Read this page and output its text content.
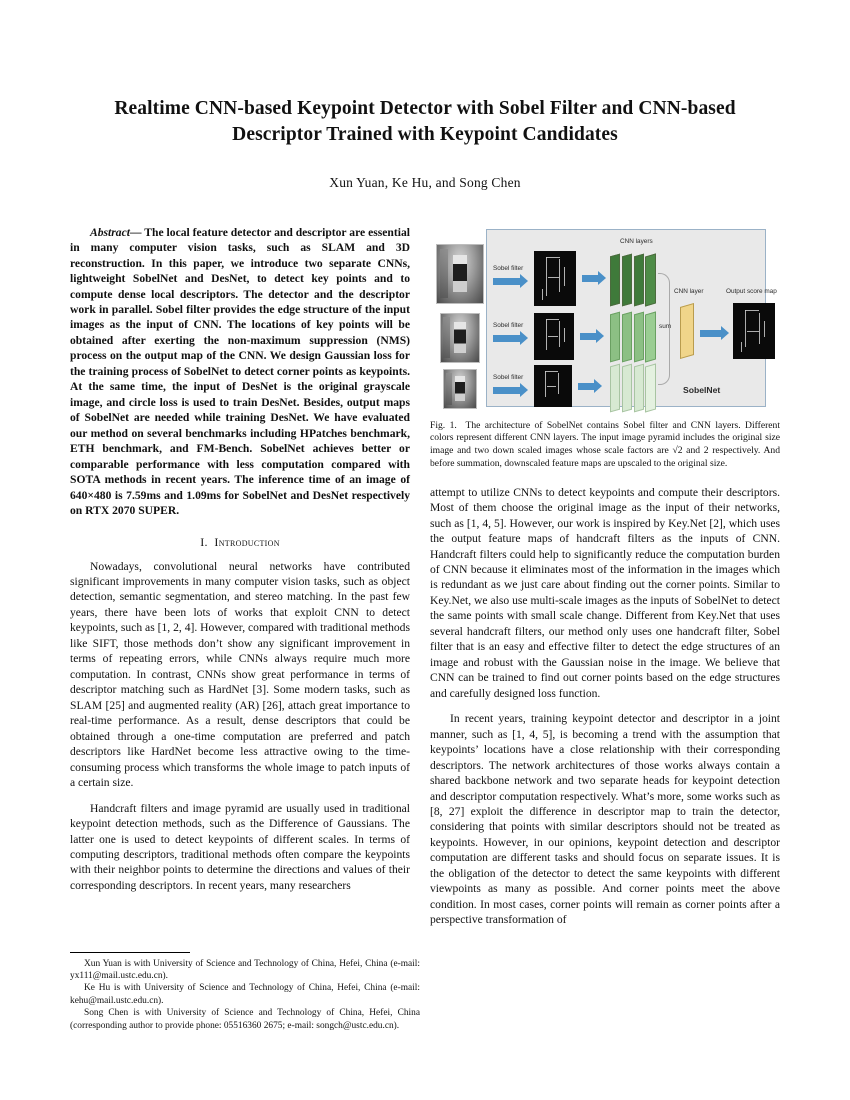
Realtime CNN-based Keypoint Detector with Sobel Filter and CNN-based Descriptor Trained with Keypoint Candidates
Xun Yuan, Ke Hu, and Song Chen

Abstract— The local feature detector and descriptor are essential in many computer vision tasks, such as SLAM and 3D reconstruction. In this paper, we introduce two separate CNNs, lightweight SobelNet and DesNet, to detect key points and to compute dense local descriptors. The detector and the descriptor work in parallel. Sobel filter provides the edge structure of the input images as the input of CNN. The locations of key points will be obtained after exerting the non-maximum suppression (NMS) process on the output map of the CNN. We design Gaussian loss for the training process of SobelNet to detect corner points as keypoints. At the same time, the input of DesNet is the original grayscale image, and circle loss is used to train DesNet. Besides, output maps of SobelNet are needed while training DesNet. We have evaluated our method on several benchmarks including HPatches benchmark, ETH benchmark, and FM-Bench. SobelNet achieves better or comparable performance with less computation compared with SOTA methods in recent years. The inference time of an image of 640×480 is 7.59ms and 1.09ms for SobelNet and DesNet respectively on RTX 2070 SUPER.

I. Introduction

Nowadays, convolutional neural networks have contributed significant improvements in many computer vision tasks, such as object detection, semantic segmentation, and stereo matching. In the past few years, there have been lots of works that exploit CNN to detect keypoints, such as [1, 2, 4]. However, compared with traditional methods like SIFT, those methods don’t show any significant improvement in terms of repeating errors, while CNNs always require much more computation. In contrast, CNNs show great performance in terms of descriptor matching such as HardNet [3]. Some modern tasks, such as SLAM [25] and augmented reality (AR) [26], attach great importance to real-time performance. As a result, dense descriptors that could be obtained through a one-time computation are preferred and patch descriptors like HardNet become less attractive owing to the time-consuming process which transforms the whole image to patch inputs of a certain size.

Handcraft filters and image pyramid are usually used in traditional keypoint detection methods, such as the Difference of Gaussians. The latter one is used to detect keypoints of different scales. In terms of computing descriptors, traditional methods often compare the keypoints with their neighbor points to determine the directions and values of their corresponding descriptors. In recent years, many researchers

Sobel filter
Sobel filter
Sobel filter
CNN layers
sum
CNN layer	Output score map
SobelNet

Fig. 1. The architecture of SobelNet contains Sobel filter and CNN layers. Different colors represent different CNN layers. The input image pyramid includes the original size image and two down scaled images whose scale factors are √2 and 2 respectively. And before summation, downscaled feature maps are upscaled to the original size.

attempt to utilize CNNs to detect keypoints and compute their descriptors. Most of them choose the original image as the input of their networks, such as [1, 4, 5]. However, our work is inspired by Key.Net [2], which uses the output feature maps of handcraft filters as the inputs of CNN. Handcraft filters could help to significantly reduce the computation burden of CNN because it eliminates most of the information in the images which is redundant as we just care about finding out the corner points. Similar to Key.Net, we also use multi-scale images as the inputs of SobelNet to detect the same points with small scale change. Different from Key.Net that uses several handcraft filters, our method only uses one handcraft filter, Sobel filter that is an easy and effective filter to detect the edge structures of an image and robust with the Gaussian noise in the image. We believe that CNN can be trained to find out corner points based on the edge structures and carefully designed loss function.

In recent years, training keypoint detector and descriptor in a joint manner, such as [1, 4, 5], is becoming a trend with the assumption that keypoints’ locations have a close relationship with their corresponding descriptors. The network architectures of those works always contain a shared backbone network and two separate heads for keypoint detection and descriptor computation respectively. What’s more, some works such as [8, 27] exploit the difference in descriptor map to train the detector, considering that points with similar descriptors should not be treated as keypoints. However, in our opinions, keypoint detection and descriptor computation are different tasks and should focus on separate issues. It is the obligation of the detector to detect the same keypoints with different viewpoints as many as possible. And corner points meet the above condition. In most cases, corner points will remain as corner points after a perspective transformation of

Xun Yuan is with University of Science and Technology of China, Hefei, China (e-mail: yx111@mail.ustc.edu.cn).

Ke Hu is with University of Science and Technology of China, Hefei, China (e-mail: kehu@mail.ustc.edu.cn).

Song Chen is with University of Science and Technology of China, Hefei, China (corresponding author to provide phone: 05516360 2675; e-mail: songch@ustc.edu.cn).
